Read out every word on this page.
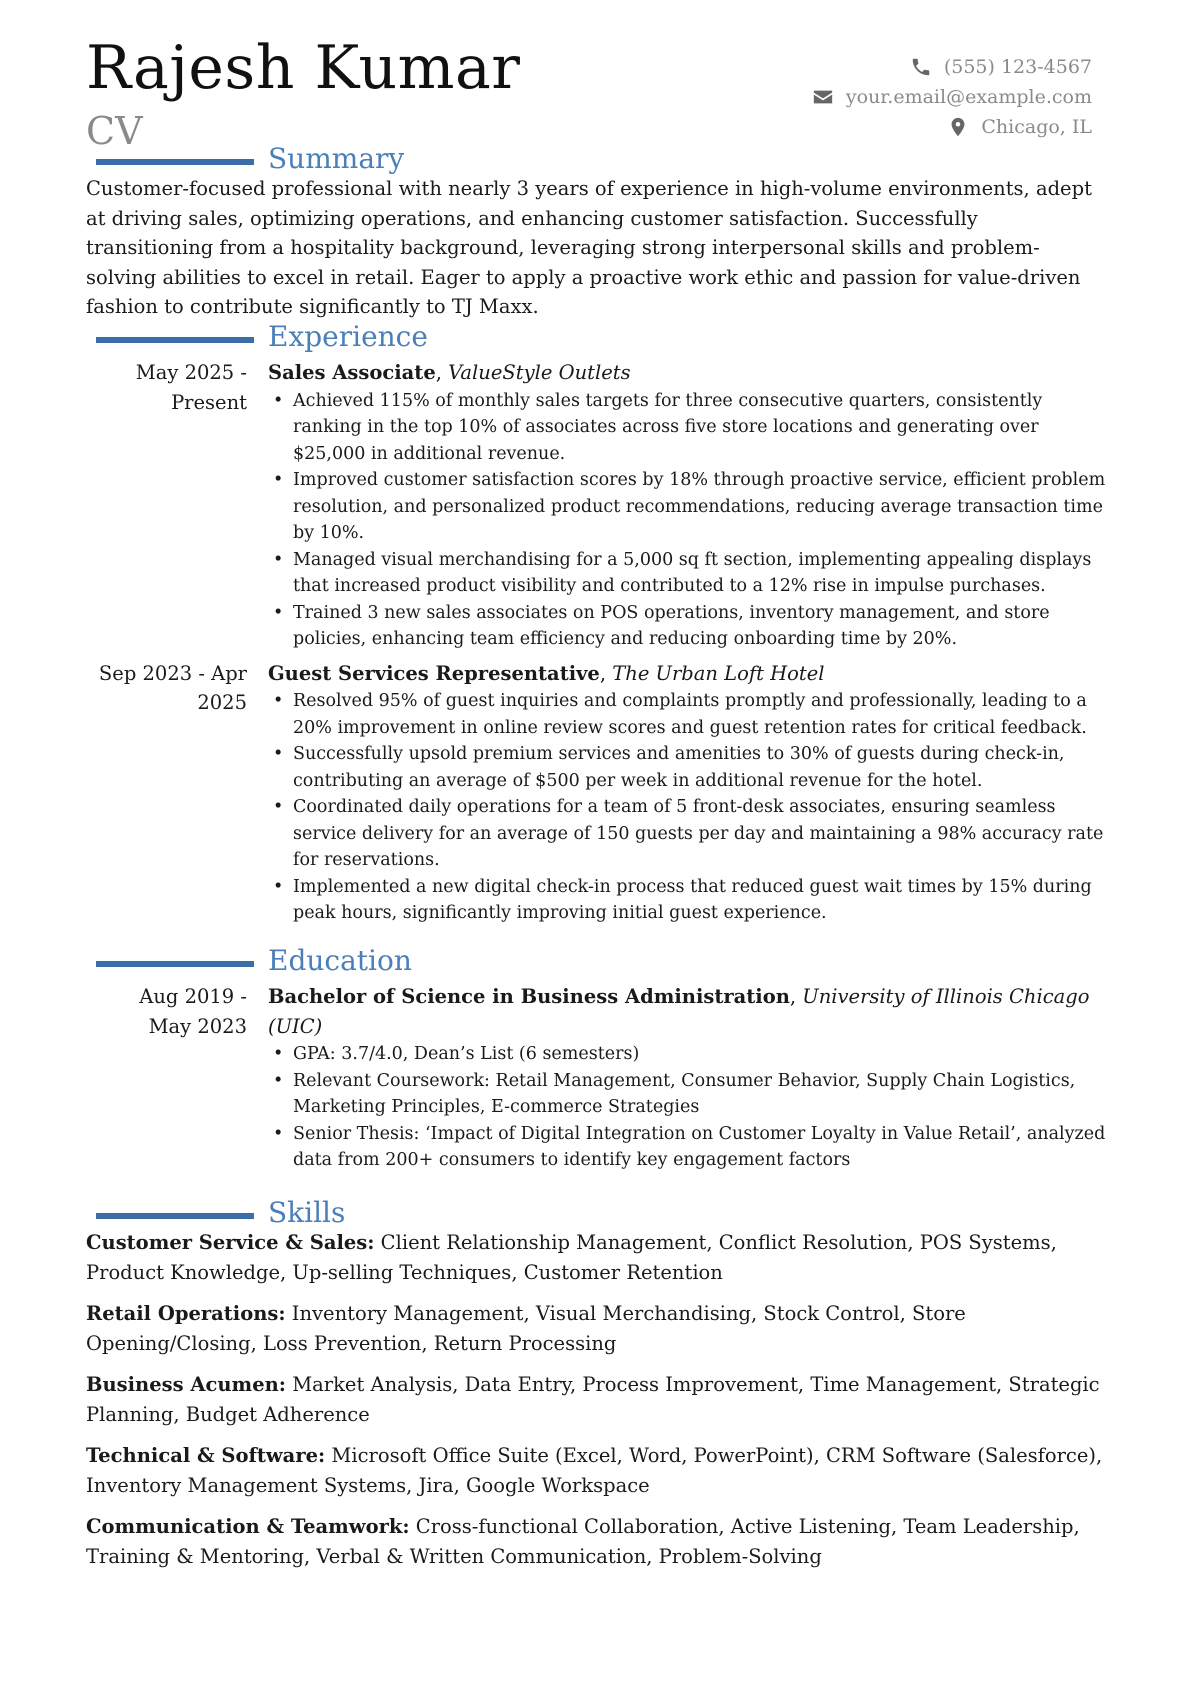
Rajesh Kumar
CV
(555) 123-4567
your.email@example.com
Chicago, IL
Summary
Customer-focused professional with nearly 3 years of experience in high-volume environments, adept at driving sales, optimizing operations, and enhancing customer satisfaction. Successfully transitioning from a hospitality background, leveraging strong interpersonal skills and problem-solving abilities to excel in retail. Eager to apply a proactive work ethic and passion for value-driven fashion to contribute significantly to TJ Maxx.
Experience
May 2025 -
Present
Sales Associate, ValueStyle Outlets
• Achieved 115% of monthly sales targets for three consecutive quarters, consistently ranking in the top 10% of associates across five store locations and generating over $25,000 in additional revenue.
• Improved customer satisfaction scores by 18% through proactive service, efficient problem resolution, and personalized product recommendations, reducing average transaction time by 10%.
• Managed visual merchandising for a 5,000 sq ft section, implementing appealing displays that increased product visibility and contributed to a 12% rise in impulse purchases.
• Trained 3 new sales associates on POS operations, inventory management, and store policies, enhancing team efficiency and reducing onboarding time by 20%.
Sep 2023 - Apr
2025
Guest Services Representative, The Urban Loft Hotel
• Resolved 95% of guest inquiries and complaints promptly and professionally, leading to a 20% improvement in online review scores and guest retention rates for critical feedback.
• Successfully upsold premium services and amenities to 30% of guests during check-in, contributing an average of $500 per week in additional revenue for the hotel.
• Coordinated daily operations for a team of 5 front-desk associates, ensuring seamless service delivery for an average of 150 guests per day and maintaining a 98% accuracy rate for reservations.
• Implemented a new digital check-in process that reduced guest wait times by 15% during peak hours, significantly improving initial guest experience.
Education
Aug 2019 -
May 2023
Bachelor of Science in Business Administration, University of Illinois Chicago (UIC)
• GPA: 3.7/4.0, Dean’s List (6 semesters)
• Relevant Coursework: Retail Management, Consumer Behavior, Supply Chain Logistics, Marketing Principles, E-commerce Strategies
• Senior Thesis: ‘Impact of Digital Integration on Customer Loyalty in Value Retail’, analyzed data from 200+ consumers to identify key engagement factors
Skills
Customer Service & Sales: Client Relationship Management, Conflict Resolution, POS Systems, Product Knowledge, Up-selling Techniques, Customer Retention
Retail Operations: Inventory Management, Visual Merchandising, Stock Control, Store Opening/Closing, Loss Prevention, Return Processing
Business Acumen: Market Analysis, Data Entry, Process Improvement, Time Management, Strategic Planning, Budget Adherence
Technical & Software: Microsoft Office Suite (Excel, Word, PowerPoint), CRM Software (Salesforce), Inventory Management Systems, Jira, Google Workspace
Communication & Teamwork: Cross-functional Collaboration, Active Listening, Team Leadership, Training & Mentoring, Verbal & Written Communication, Problem-Solving
